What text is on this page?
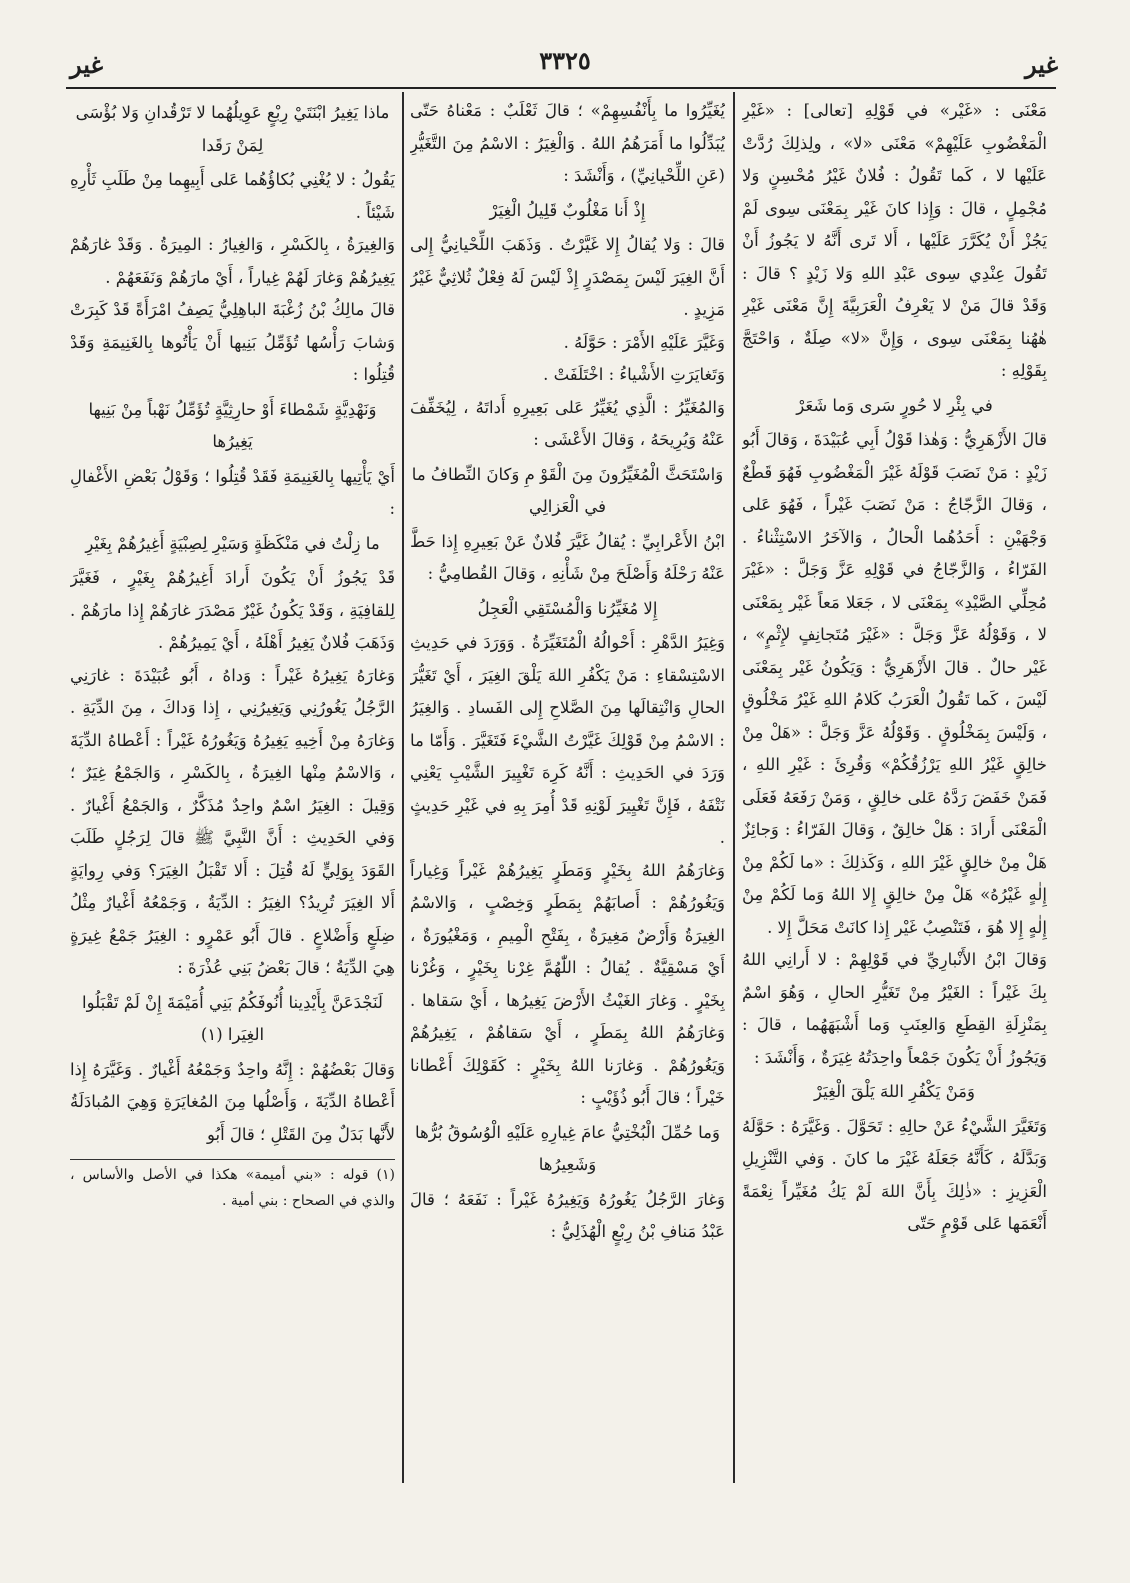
غير
٣٣٢٥
غير

مَعْنَى : «غَيْر» في قَوْلِهِ [تعالى] : «غَيْرِ الْمَغْضُوبِ عَلَيْهِمْ» مَعْنَى «لا» ، ولِذلِكَ رُدَّتْ عَلَيْها لا ، كَما تَقُولُ : فُلانٌ غَيْرُ مُحْسِنٍ وَلا مُجْمِلٍ ، قالَ : وَإِذا كانَ غَيْر بِمَعْنَى سِوى لَمْ يَجُزْ أَنْ يُكَرَّرَ عَلَيْها ، أَلا تَرى أَنَّهُ لا يَجُوزُ أَنْ تَقُولَ عِنْدِي سِوى عَبْدِ اللهِ وَلا زَيْدٍ ؟ قالَ : وَقَدْ قالَ مَنْ لا يَعْرِفُ الْعَرَبِيَّةَ إِنَّ مَعْنَى غَيْرِ هٰهُنا بِمَعْنَى سِوى ، وَإِنَّ «لا» صِلَةٌ ، وَاحْتَجَّ بِقَوْلِهِ :

في بِئْرِ لا حُورٍ سَرى وَما شَعَرْ

قالَ الأَزْهَرِيُّ : وَهٰذا قَوْلُ أَبِي عُبَيْدَةَ ، وَقالَ أَبُو زَيْدٍ : مَنْ نَصَبَ قَوْلَهُ غَيْرَ الْمَغْضُوبِ فَهُوَ قَطْعٌ ، وَقالَ الزَّجّاجُ : مَنْ نَصَبَ غَيْراً ، فَهُوَ عَلى وَجْهَيْنِ : أَحَدُهُما الْحالُ ، وَالآخَرُ الاسْتِثْناءُ . الفَرّاءُ ، وَالزَّجّاجُ في قَوْلِهِ عَزَّ وَجَلَّ : «غَيْرَ مُحِلِّي الصَّيْدِ» بِمَعْنَى لا ، جَعَلا مَعاً غَيْر بِمَعْنَى لا ، وَقَوْلُهُ عَزَّ وَجَلَّ : «غَيْرَ مُتَجانِفٍ لإِثْمٍ» ، غَيْر حالٌ . قالَ الأَزْهَرِيُّ : وَيَكُونُ غَيْر بِمَعْنَى لَيْسَ ، كَما تَقُولُ الْعَرَبُ كَلامُ اللهِ غَيْرُ مَخْلُوقٍ ، وَلَيْسَ بِمَخْلُوقٍ . وَقَوْلُهُ عَزَّ وَجَلَّ : «هَلْ مِنْ خالِقٍ غَيْرُ اللهِ يَرْزُقُكُمْ» وَقُرِئَ : غَيْرِ اللهِ ، فَمَنْ خَفَضَ رَدَّهُ عَلى خالِقٍ ، وَمَنْ رَفَعَهُ فَعَلَى الْمَعْنَى أَرادَ : هَلْ خالِقٌ ، وَقالَ الفَرّاءُ : وَجائِزٌ هَلْ مِنْ خالِقٍ غَيْرَ اللهِ ، وَكَذلِكَ : «ما لَكُمْ مِنْ إِلٰهٍ غَيْرُهُ» هَلْ مِنْ خالِقٍ إِلا اللهُ وَما لَكُمْ مِنْ إِلٰهٍ إِلا هُوَ ، فَتَنْصِبُ غَيْر إِذا كانَتْ مَحَلَّ إِلا .

وَقالَ ابْنُ الأَنْبارِيِّ في قَوْلِهِمْ : لا أَرانِي اللهُ بِكَ غَيْراً : الغَيْرُ مِنْ تَغَيُّرِ الحالِ ، وَهُوَ اسْمٌ بِمَنْزِلَةِ القِطَعِ وَالعِنَبِ وَما أَشْبَهَهُما ، قالَ : وَيَجُوزُ أَنْ يَكُونَ جَمْعاً واحِدَتُهُ غِيَرَةٌ ، وَأَنْشَدَ :

وَمَنْ يَكْفُرِ اللهَ يَلْقَ الْغِيَرْ

وَتَغَيَّرَ الشَّيْءُ عَنْ حالِهِ : تَحَوَّلَ . وَغَيَّرَهُ : حَوَّلَهُ وَبَدَّلَهُ ، كَأَنَّهُ جَعَلَهُ غَيْرَ ما كانَ . وَفي التَّنْزِيلِ الْعَزِيزِ : «ذٰلِكَ بِأَنَّ اللهَ لَمْ يَكُ مُغَيِّراً نِعْمَةً أَنْعَمَها عَلى قَوْمٍ حَتّى

يُغَيِّرُوا ما بِأَنْفُسِهِمْ» ؛ قالَ ثَعْلَبٌ : مَعْناهُ حَتّى يُبَدِّلُوا ما أَمَرَهُمُ اللهُ . وَالْغِيَرُ : الاسْمُ مِنَ التَّغَيُّرِ (عَنِ اللِّحْيانِيِّ) ، وَأَنْشَدَ :

إِذْ أَنا مَغْلُوبٌ قَلِيلُ الْغِيَرْ

قالَ : وَلا يُقالُ إِلا غَيَّرْتُ . وَذَهَبَ اللِّحْيانِيُّ إِلى أَنَّ الغِيَرَ لَيْسَ بِمَصْدَرٍ إِذْ لَيْسَ لَهُ فِعْلٌ ثُلاثِيٌّ غَيْرُ مَزِيدٍ .

وَغَيَّرَ عَلَيْهِ الأَمْرَ : حَوَّلَهُ .

وَتَغايَرَتِ الأَشْياءُ : اخْتَلَفَتْ .

وَالمُغَيِّرُ : الَّذِي يُغَيِّرُ عَلى بَعِيرِهِ أَداتَهُ ، لِيُخَفِّفَ عَنْهُ وَيُرِيحَهُ ، وَقالَ الأَعْشَى :

وَاسْتَحَثَّ الْمُغَيِّرُونَ مِنَ الْقَوْ مِ وَكانَ النِّطافُ ما في الْعَزالِي

ابْنُ الأَعْرابِيِّ : يُقالُ غَيَّرَ فُلانٌ عَنْ بَعِيرِهِ إِذا حَطَّ عَنْهُ رَحْلَهُ وَأَصْلَحَ مِنْ شَأْنِهِ ، وَقالَ القُطامِيُّ :

إِلا مُغَيِّرُنا وَالْمُسْتَقِي الْعَجِلُ

وَغِيَرُ الدَّهْرِ : أَحْوالُهُ الْمُتَغَيِّرَةُ . وَوَرَدَ في حَدِيثِ الاسْتِسْقاءِ : مَنْ يَكْفُرِ اللهَ يَلْقَ الغِيَرَ ، أَيْ تَغَيُّرَ الحالِ وَانْتِقالَها مِنَ الصَّلاحِ إِلى الفَسادِ . وَالغِيَرُ : الاسْمُ مِنْ قَوْلِكَ غَيَّرْتُ الشَّيْءَ فَتَغَيَّرَ . وَأَمّا ما وَرَدَ في الحَدِيثِ : أَنَّهُ كَرِهَ تَغْيِيرَ الشَّيْبِ يَعْنِي نَتْفَهُ ، فَإِنَّ تَغْيِيرَ لَوْنِهِ قَدْ أُمِرَ بِهِ في غَيْرِ حَدِيثٍ .

وَغارَهُمُ اللهُ بِخَيْرٍ وَمَطَرٍ يَغِيرُهُمْ غَيْراً وَغِياراً وَيَغُورُهُمْ : أَصابَهُمْ بِمَطَرٍ وَخِصْبٍ ، وَالاسْمُ الغِيرَةُ وَأَرْضٌ مَغِيرَةٌ ، بِفَتْحِ الْمِيمِ ، وَمَغْيُورَةٌ ، أَيْ مَسْقِيَّةٌ . يُقالُ : اللّٰهُمَّ غِرْنا بِخَيْرٍ ، وَغُرْنا بِخَيْرٍ . وَغارَ الغَيْثُ الأَرْضَ يَغِيرُها ، أَيْ سَقاها . وَغارَهُمُ اللهُ بِمَطَرٍ ، أَيْ سَقاهُمْ ، يَغِيرُهُمْ وَيَغُورُهُمْ . وَغارَنا اللهُ بِخَيْرٍ : كَقَوْلِكَ أَعْطانا خَيْراً ؛ قالَ أَبُو ذُؤَيْبٍ :

وَما حُمِّلَ الْبُخْتِيُّ عامَ غِيارِهِ عَلَيْهِ الْوُسُوقُ بُرُّها وَشَعِيرُها

وَغارَ الرَّجُلُ يَغُورُهُ وَيَغِيرُهُ غَيْراً : نَفَعَهُ ؛ قالَ عَبْدُ مَنافِ بْنُ رِبْعٍ الْهُذَلِيُّ :

ماذا يَغِيرُ ابْنَتَيْ رِبْعٍ عَوِيلُهُما لا تَرْقُدانِ وَلا بُؤْسَى لِمَنْ رَقَدا

يَقُولُ : لا يُغْنِي بُكاؤُهُما عَلى أَبِيهِما مِنْ طَلَبِ ثَأْرِهِ شَيْئاً .

وَالغِيرَةُ ، بِالكَسْرِ ، وَالغِيارُ : المِيرَةُ . وَقَدْ غارَهُمْ يَغِيرُهُمْ وَغارَ لَهُمْ غِياراً ، أَيْ مارَهُمْ وَنَفَعَهُمْ .

قالَ مالِكُ بْنُ زُغْبَةَ الباهِلِيُّ يَصِفُ امْرَأَةً قَدْ كَبِرَتْ وَشابَ رَأْسُها تُؤَمِّلُ بَنِيها أَنْ يَأْتُوها بِالغَنِيمَةِ وَقَدْ قُتِلُوا :

وَنَهْدِيَّةٍ شَمْطاءَ أَوْ حارِثِيَّةٍ تُؤَمِّلُ نَهْباً مِنْ بَنِيها يَغِيرُها

أَيْ يَأْتِيها بِالغَنِيمَةِ فَقَدْ قُتِلُوا ؛ وَقَوْلُ بَعْضِ الأَغْفالِ :

ما زِلْتُ في مَنْكَظَةٍ وَسَيْرِ لِصِبْيَةٍ أَغِيرُهُمْ بِغَيْرِ

قَدْ يَجُوزُ أَنْ يَكُونَ أَرادَ أَغِيرُهُمْ بِغَيْرٍ ، فَغَيَّرَ لِلقافِيَةِ ، وَقَدْ يَكُونُ غَيْرٌ مَصْدَرَ غارَهُمْ إِذا مارَهُمْ . وَذَهَبَ فُلانٌ يَغِيرُ أَهْلَهُ ، أَيْ يَمِيرُهُمْ .

وَغارَهُ يَغِيرُهُ غَيْراً : وَداهُ ، أَبُو عُبَيْدَةَ : غارَنِي الرَّجُلُ يَغُورُنِي وَيَغِيرُنِي ، إِذا وَداكَ ، مِنَ الدِّيَةِ . وَغارَهُ مِنْ أَخِيهِ يَغِيرُهُ وَيَغُورُهُ غَيْراً : أَعْطاهُ الدِّيَةَ ، وَالاسْمُ مِنْها الغِيرَةُ ، بِالكَسْرِ ، وَالجَمْعُ غِيَرٌ ؛ وَقِيلَ : الغِيَرُ اسْمٌ واحِدٌ مُذَكَّرٌ ، وَالجَمْعُ أَغْيارٌ . وَفي الحَدِيثِ : أَنَّ النَّبِيَّ ﷺ قالَ لِرَجُلٍ طَلَبَ القَوَدَ بِوَلِيٍّ لَهُ قُتِلَ : أَلا تَقْبَلُ الغِيَرَ؟ وَفي رِوايَةٍ أَلا الغِيَرَ تُرِيدُ؟ الغِيَرُ : الدِّيَةُ ، وَجَمْعُهُ أَغْيارٌ مِثْلُ ضِلَعٍ وَأَضْلاعٍ . قالَ أَبُو عَمْرٍو : الغِيَرُ جَمْعُ غِيرَةٍ هِيَ الدِّيَةُ ؛ قالَ بَعْضُ بَنِي عُذْرَةَ :

لَنَجْدَعَنَّ بِأَيْدِينا أُنُوفَكُمُ بَنِي أُمَيْمَةَ إِنْ لَمْ تَقْبَلُوا الغِيَرا (١)

وَقالَ بَعْضُهُمْ : إِنَّهُ واحِدٌ وَجَمْعُهُ أَغْيارٌ . وَغَيَّرَهُ إِذا أَعْطاهُ الدِّيَةَ ، وَأَصْلُها مِنَ المُغايَرَةِ وَهِيَ المُبادَلَةُ لأَنَّها بَدَلٌ مِنَ القَتْلِ ؛ قالَ أَبُو

(١) قوله : «بني أميمة» هكذا في الأصل والأساس ، والذي في الصحاح : بني أمية .
